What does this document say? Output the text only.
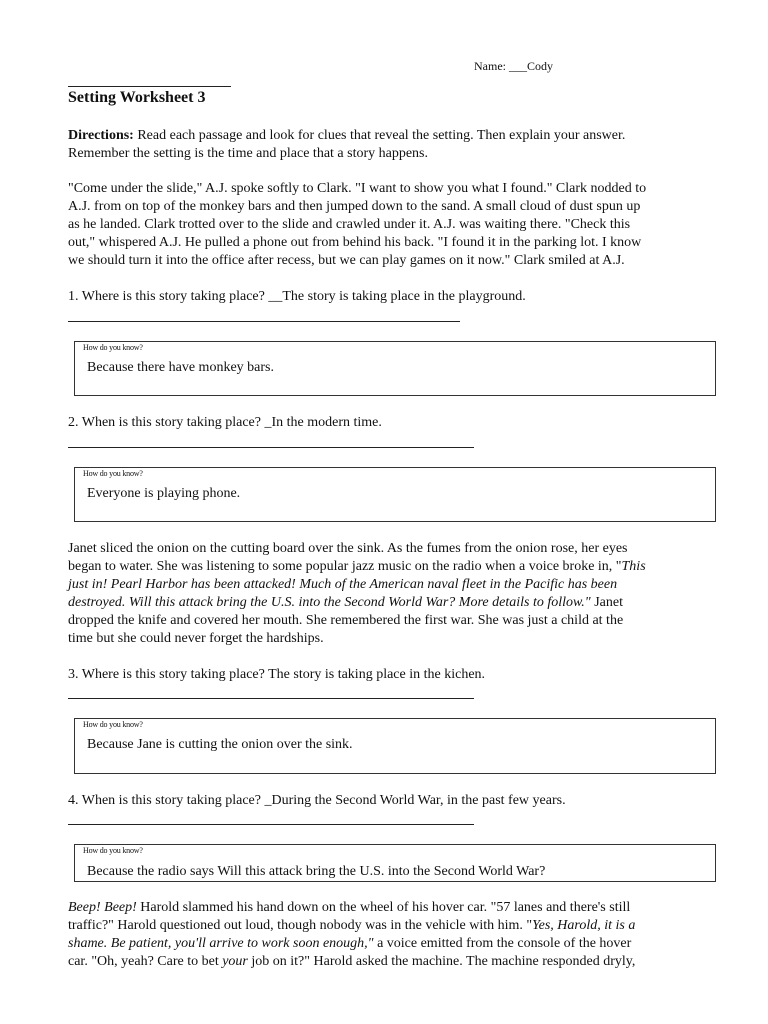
Name: ___Cody
Setting Worksheet 3

Directions: Read each passage and look for clues that reveal the setting. Then explain your answer.

Remember the setting is the time and place that a story happens.

"Come under the slide," A.J. spoke softly to Clark. "I want to show you what I found." Clark nodded to

A.J. from on top of the monkey bars and then jumped down to the sand. A small cloud of dust spun up

as he landed. Clark trotted over to the slide and crawled under it. A.J. was waiting there. "Check this

out," whispered A.J. He pulled a phone out from behind his back. "I found it in the parking lot. I know

we should turn it into the office after recess, but we can play games on it now." Clark smiled at A.J.

1. Where is this story taking place? __The story is taking place in the playground.
How do you know?
Because there have monkey bars.
2. When is this story taking place? _In the modern time.
How do you know?
Everyone is playing phone.

Janet sliced the onion on the cutting board over the sink. As the fumes from the onion rose, her eyes

began to water. She was listening to some popular jazz music on the radio when a voice broke in, "This

just in! Pearl Harbor has been attacked! Much of the American naval fleet in the Pacific has been

destroyed. Will this attack bring the U.S. into the Second World War? More details to follow." Janet

dropped the knife and covered her mouth. She remembered the first war. She was just a child at the

time but she could never forget the hardships.

3. Where is this story taking place? The story is taking place in the kichen.
How do you know?
Because Jane is cutting the onion over the sink.
4. When is this story taking place? _During the Second World War, in the past few years.
How do you know?
Because the radio says Will this attack bring the U.S. into the Second World War?

Beep! Beep! Harold slammed his hand down on the wheel of his hover car. "57 lanes and there's still

traffic?" Harold questioned out loud, though nobody was in the vehicle with him. "Yes, Harold, it is a

shame. Be patient, you'll arrive to work soon enough," a voice emitted from the console of the hover

car. "Oh, yeah? Care to bet your job on it?" Harold asked the machine. The machine responded dryly,
